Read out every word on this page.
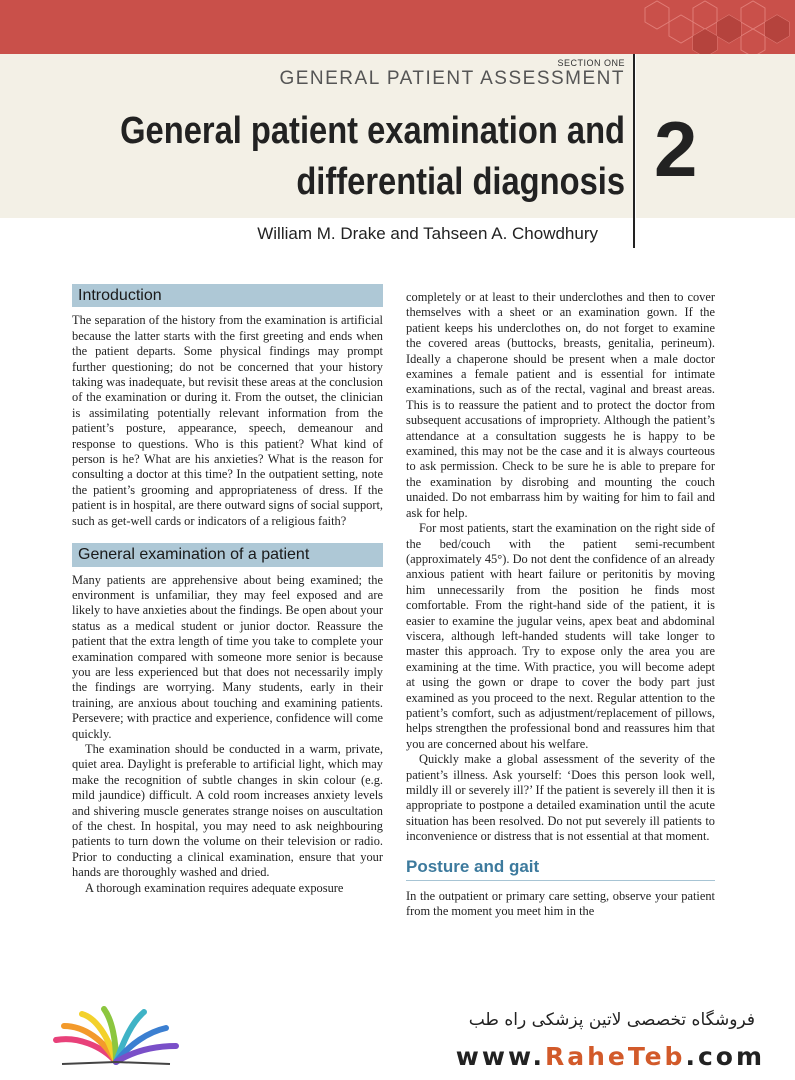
SECTION ONE
GENERAL PATIENT ASSESSMENT
General patient examination and
differential diagnosis 2
William M. Drake and Tahseen A. Chowdhury
Introduction

The separation of the history from the examination is artificial because the latter starts with the first greeting and ends when the patient departs. Some physical findings may prompt further questioning; do not be concerned that your history taking was inadequate, but revisit these areas at the conclusion of the examination or during it. From the outset, the clinician is assimilating potentially relevant information from the patient’s posture, appearance, speech, demeanour and response to questions. Who is this patient? What kind of person is he? What are his anxieties? What is the reason for consulting a doctor at this time? In the outpatient setting, note the patient’s grooming and appropriateness of dress. If the patient is in hospital, are there outward signs of social support, such as get-well cards or indicators of a religious faith?

General examination of a patient

Many patients are apprehensive about being examined; the environment is unfamiliar, they may feel exposed and are likely to have anxieties about the findings. Be open about your status as a medical student or junior doctor. Reassure the patient that the extra length of time you take to complete your examination compared with someone more senior is because you are less experienced but that does not necessarily imply the findings are worrying. Many students, early in their training, are anxious about touching and examining patients. Persevere; with practice and experience, confidence will come quickly.

The examination should be conducted in a warm, private, quiet area. Daylight is preferable to artificial light, which may make the recognition of subtle changes in skin colour (e.g. mild jaundice) difficult. A cold room increases anxiety levels and shivering muscle generates strange noises on auscultation of the chest. In hospital, you may need to ask neighbouring patients to turn down the volume on their television or radio. Prior to conducting a clinical examination, ensure that your hands are thoroughly washed and dried.

A thorough examination requires adequate exposure

completely or at least to their underclothes and then to cover themselves with a sheet or an examination gown. If the patient keeps his underclothes on, do not forget to examine the covered areas (buttocks, breasts, genitalia, perineum). Ideally a chaperone should be present when a male doctor examines a female patient and is essential for intimate examinations, such as of the rectal, vaginal and breast areas. This is to reassure the patient and to protect the doctor from subsequent accusations of impropriety. Although the patient’s attendance at a consultation suggests he is happy to be examined, this may not be the case and it is always courteous to ask permission. Check to be sure he is able to prepare for the examination by disrobing and mounting the couch unaided. Do not embarrass him by waiting for him to fail and ask for help.

For most patients, start the examination on the right side of the bed/couch with the patient semi-recumbent (approximately 45°). Do not dent the confidence of an already anxious patient with heart failure or peritonitis by moving him unnecessarily from the position he finds most comfortable. From the right-hand side of the patient, it is easier to examine the jugular veins, apex beat and abdominal viscera, although left-handed students will take longer to master this approach. Try to expose only the area you are examining at the time. With practice, you will become adept at using the gown or drape to cover the body part just examined as you proceed to the next. Regular attention to the patient’s comfort, such as adjustment/replacement of pillows, helps strengthen the professional bond and reassures him that you are concerned about his welfare.

Quickly make a global assessment of the severity of the patient’s illness. Ask yourself: ‘Does this person look well, mildly ill or severely ill?’ If the patient is severely ill then it is appropriate to postpone a detailed examination until the acute situation has been resolved. Do not put severely ill patients to inconvenience or distress that is not essential at that moment.

Posture and gait

In the outpatient or primary care setting, observe your patient from the moment you meet him in the

فروشگاه تخصصی لاتین پزشکی راه طب
www.RaheTeb.com
